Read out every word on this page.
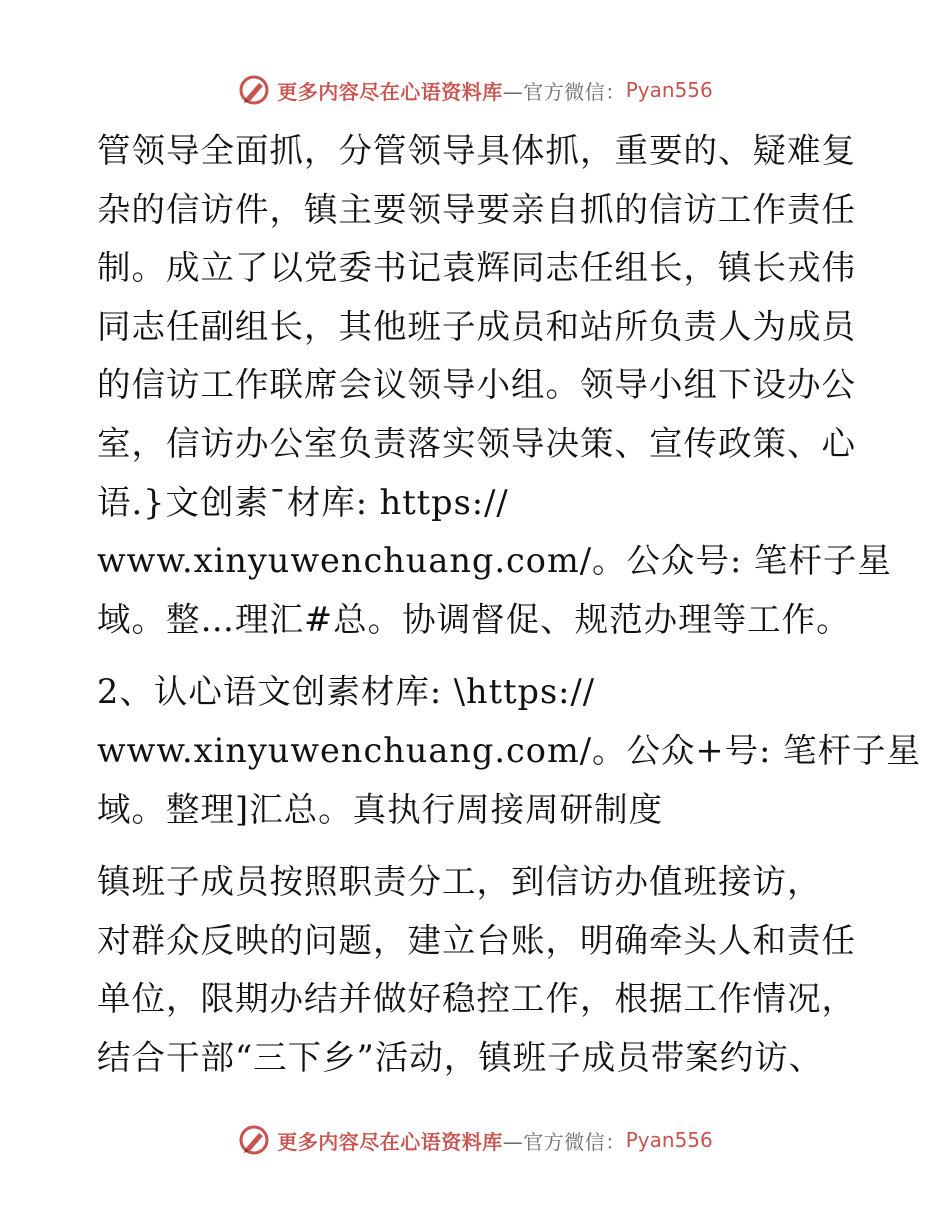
更多内容尽在心语资料库 —官方微信： Pyan556
管领导全面抓，分管领导具体抓，重要的、疑难复
杂的信访件，镇主要领导要亲自抓的信访工作责任
制。成立了以党委书记袁辉同志任组长，镇长戎伟
同志任副组长，其他班子成员和站所负责人为成员
的信访工作联席会议领导小组。领导小组下设办公
室，信访办公室负责落实领导决策、宣传政策、心
语.}文创素¯材库: https://
www.xinyuwenchuang.com/。公众号: 笔杆子星
域。整…理汇#总。协调督促、规范办理等工作。
2、认心语文创素材库: \https://
www.xinyuwenchuang.com/。公众+号: 笔杆子星
域。整理]汇总。真执行周接周研制度
镇班子成员按照职责分工，到信访办值班接访，
对群众反映的问题，建立台账，明确牵头人和责任
单位，限期办结并做好稳控工作，根据工作情况，
结合干部“三下乡”活动，镇班子成员带案约访、
更多内容尽在心语资料库 —官方微信： Pyan556
